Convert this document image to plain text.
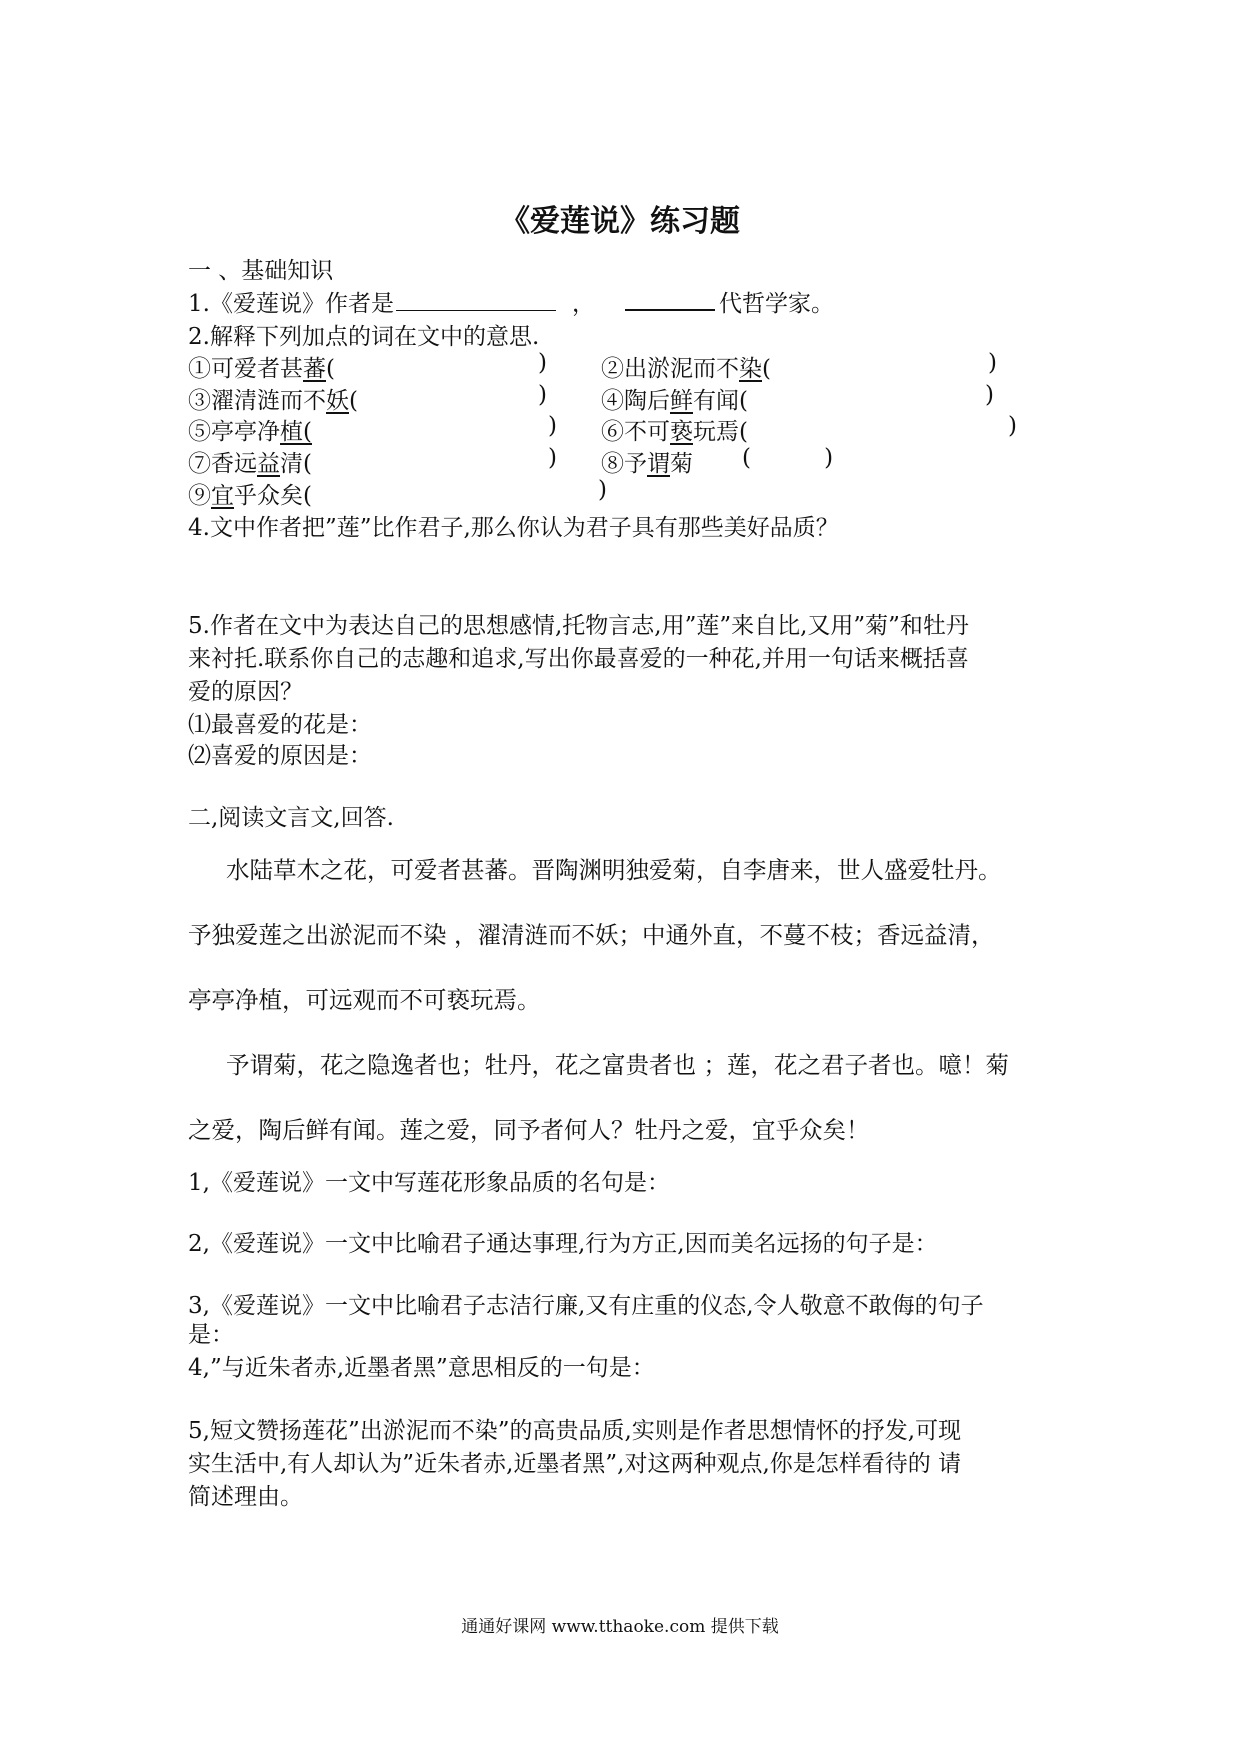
《爱莲说》练习题
一 、基础知识
1.《爱莲说》作者是	，	代哲学家。
2.解释下列加点的词在文中的意思.
①可爱者甚蕃(	) ②出淤泥而不染(	)
③濯清涟而不妖(	) ④陶后鲜有闻(	)
⑤亭亭净植(	) ⑥不可亵玩焉(	)
⑦香远益清(	) ⑧予谓菊 (          )
⑨宜乎众矣(	)
4.文中作者把”莲”比作君子,那么你认为君子具有那些美好品质？
5.作者在文中为表达自己的思想感情,托物言志,用”莲”来自比,又用”菊”和牡丹
来衬托.联系你自己的志趣和追求,写出你最喜爱的一种花,并用一句话来概括喜
爱的原因？
⑴最喜爱的花是：
⑵喜爱的原因是：
二,阅读文言文,回答.
水陆草木之花，可爱者甚蕃。晋陶渊明独爱菊，自李唐来，世人盛爱牡丹。
予独爱莲之出淤泥而不染 ，濯清涟而不妖；中通外直，不蔓不枝；香远益清，
亭亭净植，可远观而不可亵玩焉。
予谓菊，花之隐逸者也；牡丹，花之富贵者也 ；莲，花之君子者也。噫！菊
之爱，陶后鲜有闻。莲之爱，同予者何人？牡丹之爱，宜乎众矣！
1,《爱莲说》一文中写莲花形象品质的名句是：
2,《爱莲说》一文中比喻君子通达事理,行为方正,因而美名远扬的句子是：
3,《爱莲说》一文中比喻君子志洁行廉,又有庄重的仪态,令人敬意不敢侮的句子
是：
4,”与近朱者赤,近墨者黑”意思相反的一句是：
5,短文赞扬莲花”出淤泥而不染”的高贵品质,实则是作者思想情怀的抒发,可现
实生活中,有人却认为”近朱者赤,近墨者黑”,对这两种观点,你是怎样看待的 请
简述理由。
通通好课网 www.tthaoke.com 提供下载
